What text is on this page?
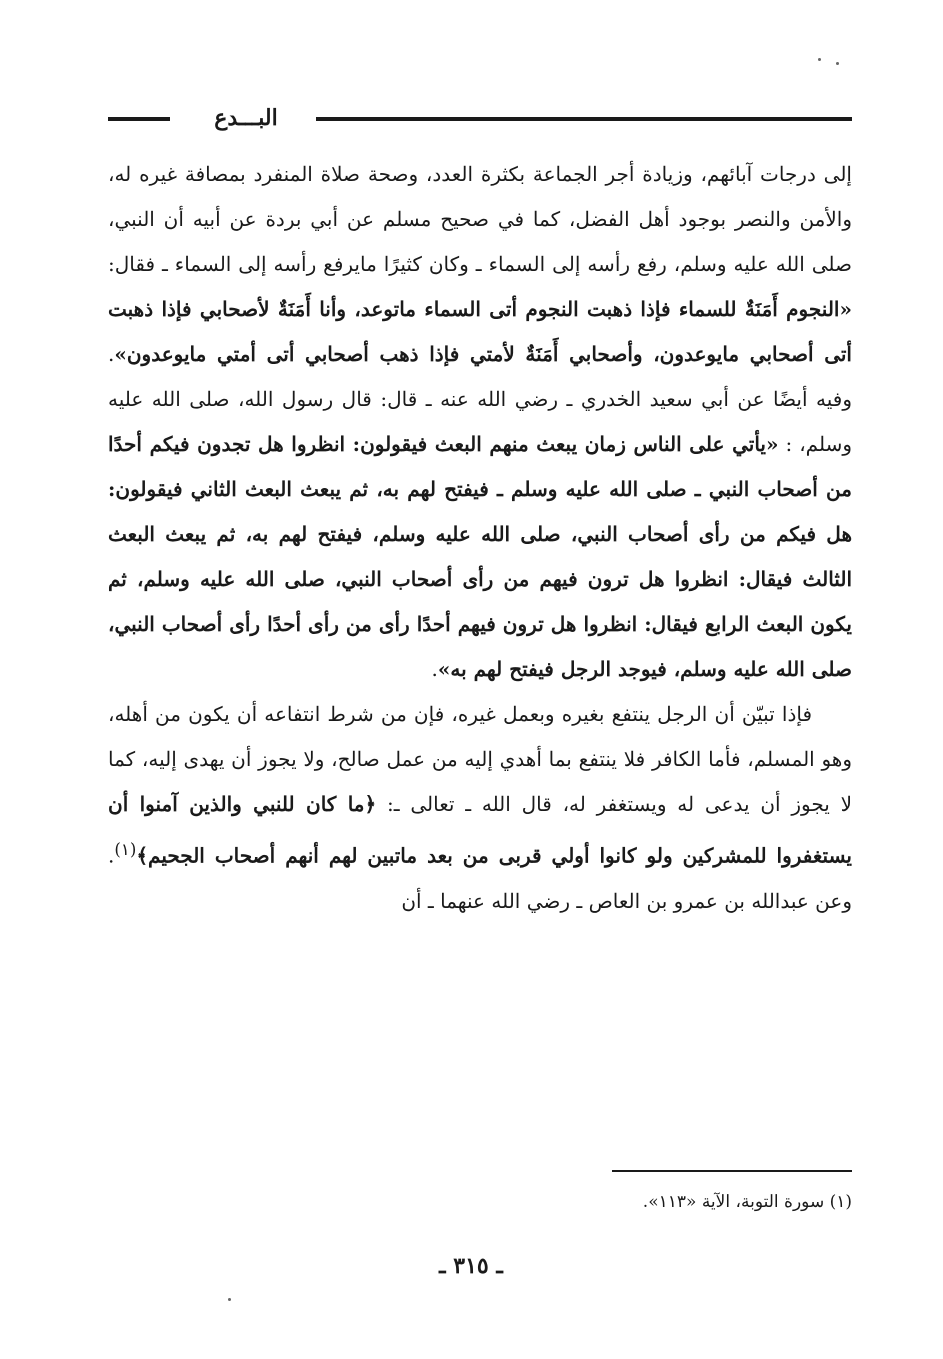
البـــدع

إلى درجات آبائهم، وزيادة أجر الجماعة بكثرة العدد، وصحة صلاة المنفرد بمصافة غيره له، والأمن والنصر بوجود أهل الفضل، كما في صحيح مسلم عن أبي بردة عن أبيه أن النبي، صلى الله عليه وسلم، رفع رأسه إلى السماء ـ وكان كثيرًا مايرفع رأسه إلى السماء ـ فقال: «النجوم أَمَنَةٌ للسماء فإذا ذهبت النجوم أتى السماء ماتوعد، وأنا أَمَنَةٌ لأصحابي فإذا ذهبت أتى أصحابي مايوعدون، وأصحابي أَمَنَةٌ لأمتي فإذا ذهب أصحابي أتى أمتي مايوعدون». وفيه أيضًا عن أبي سعيد الخدري ـ رضي الله عنه ـ قال: قال رسول الله، صلى الله عليه وسلم، : «يأتي على الناس زمان يبعث منهم البعث فيقولون: انظروا هل تجدون فيكم أحدًا من أصحاب النبي ـ صلى الله عليه وسلم ـ فيفتح لهم به، ثم يبعث البعث الثاني فيقولون: هل فيكم من رأى أصحاب النبي، صلى الله عليه وسلم، فيفتح لهم به، ثم يبعث البعث الثالث فيقال: انظروا هل ترون فيهم من رأى أصحاب النبي، صلى الله عليه وسلم، ثم يكون البعث الرابع فيقال: انظروا هل ترون فيهم أحدًا رأى من رأى أحدًا رأى أصحاب النبي، صلى الله عليه وسلم، فيوجد الرجل فيفتح لهم به».

فإذا تبيّن أن الرجل ينتفع بغيره وبعمل غيره، فإن من شرط انتفاعه أن يكون من أهله، وهو المسلم، فأما الكافر فلا ينتفع بما أهدي إليه من عمل صالح، ولا يجوز أن يهدى إليه، كما لا يجوز أن يدعى له ويستغفر له، قال الله ـ تعالى ـ: ﴿ما كان للنبي والذين آمنوا أن يستغفروا للمشركين ولو كانوا أولي قربى من بعد ماتبين لهم أنهم أصحاب الجحيم﴾$^{(١)}$. وعن عبدالله بن عمرو بن العاص ـ رضي الله عنهما ـ أن

(١) سورة التوبة، الآية «١١٣».
ـ ٣١٥ ـ
